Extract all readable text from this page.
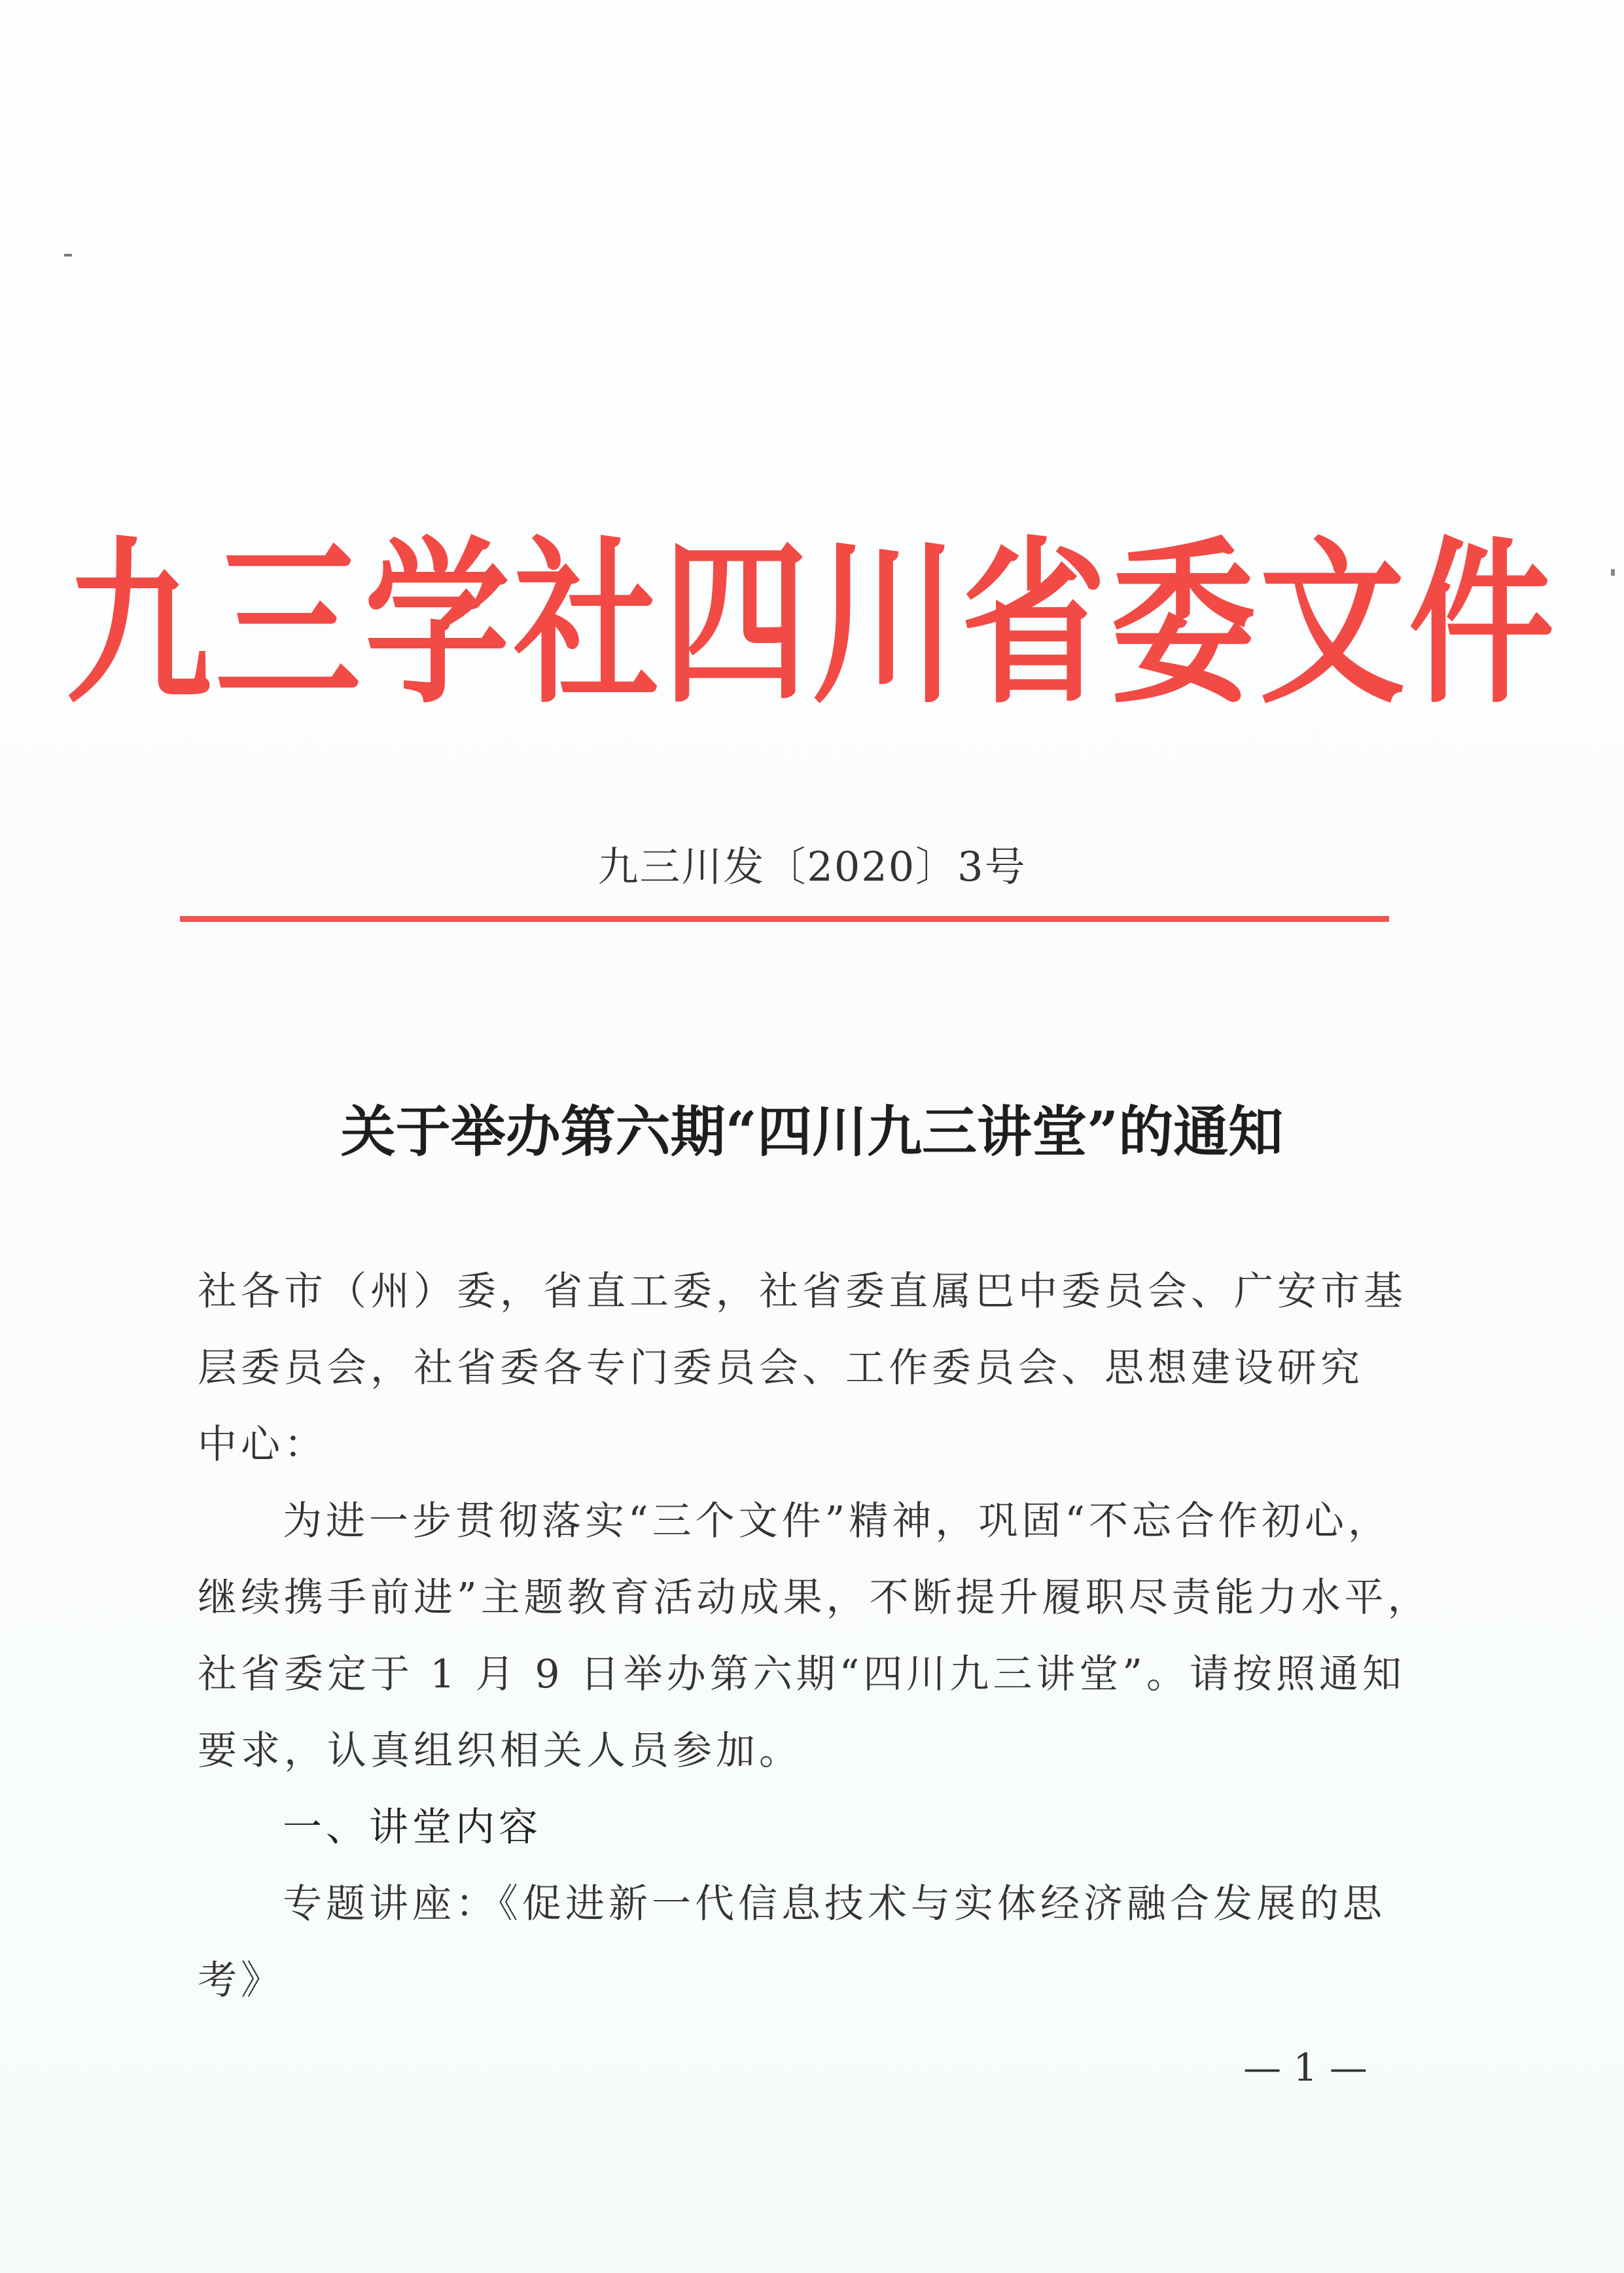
九三学社四川省委文件
九三川发〔2020〕3号
关于举办第六期“四川九三讲堂”的通知
社各市（州）委，省直工委，社省委直属巴中委员会、广安市基
层委员会，社省委各专门委员会、工作委员会、思想建设研究
中心：
为进一步贯彻落实“三个文件”精神，巩固“不忘合作初心，
继续携手前进”主题教育活动成果，不断提升履职尽责能力水平，
社省委定于 1 月 9 日举办第六期“四川九三讲堂”。请按照通知
要求，认真组织相关人员参加。
一、讲堂内容
专题讲座：《促进新一代信息技术与实体经济融合发展的思
考》
— 1 —
